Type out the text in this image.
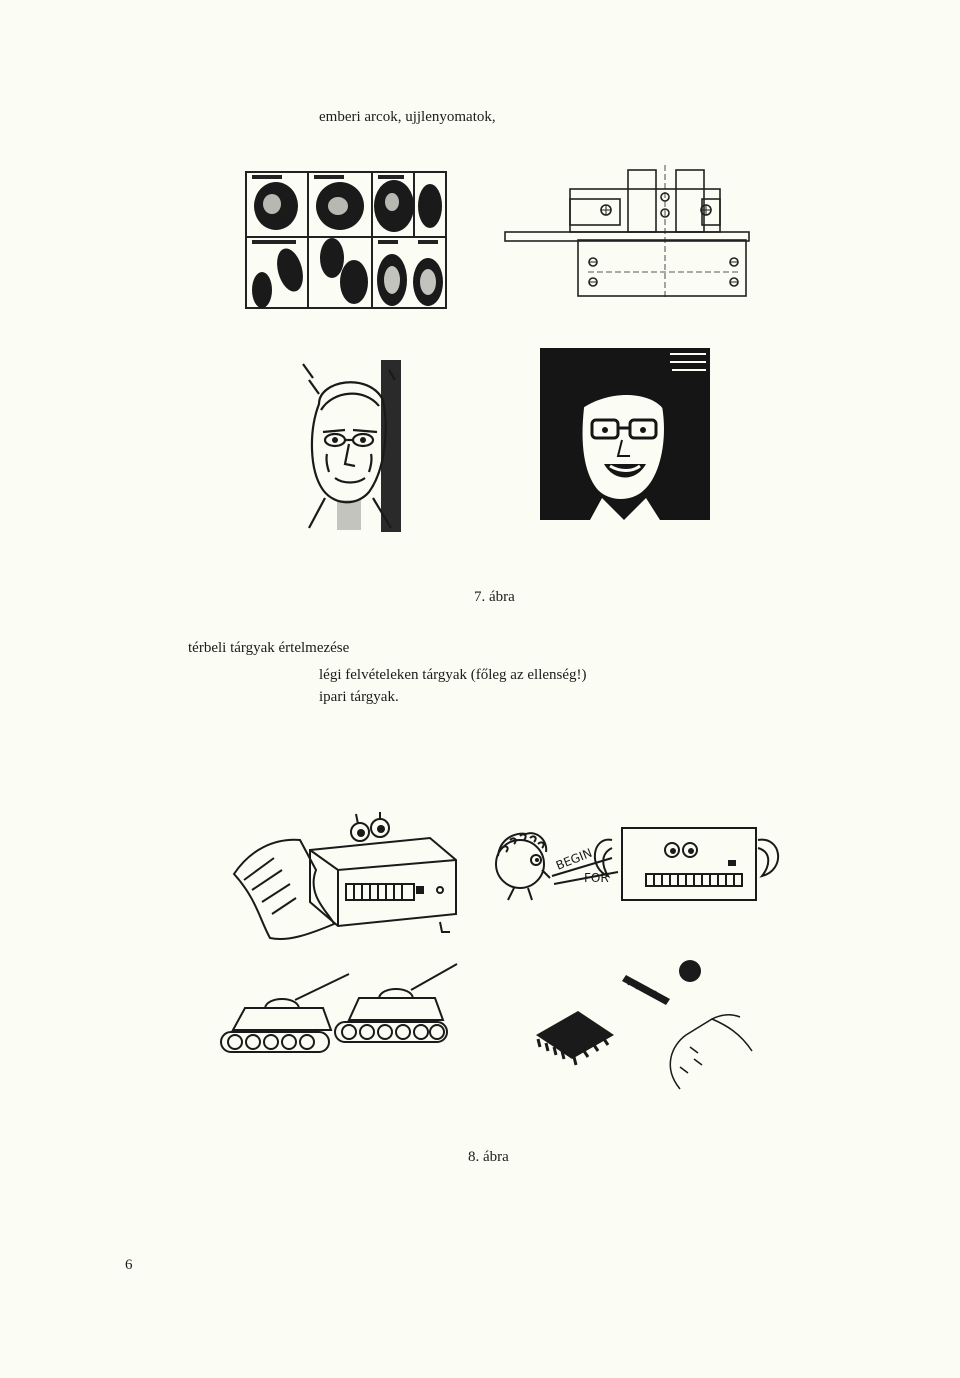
emberi arcok, ujjlenyomatok,
7. ábra
térbeli tárgyak értelmezése
légi felvételeken tárgyak (főleg az ellenség!)
ipari tárgyak.
BEGIN
FOR
8. ábra
6
